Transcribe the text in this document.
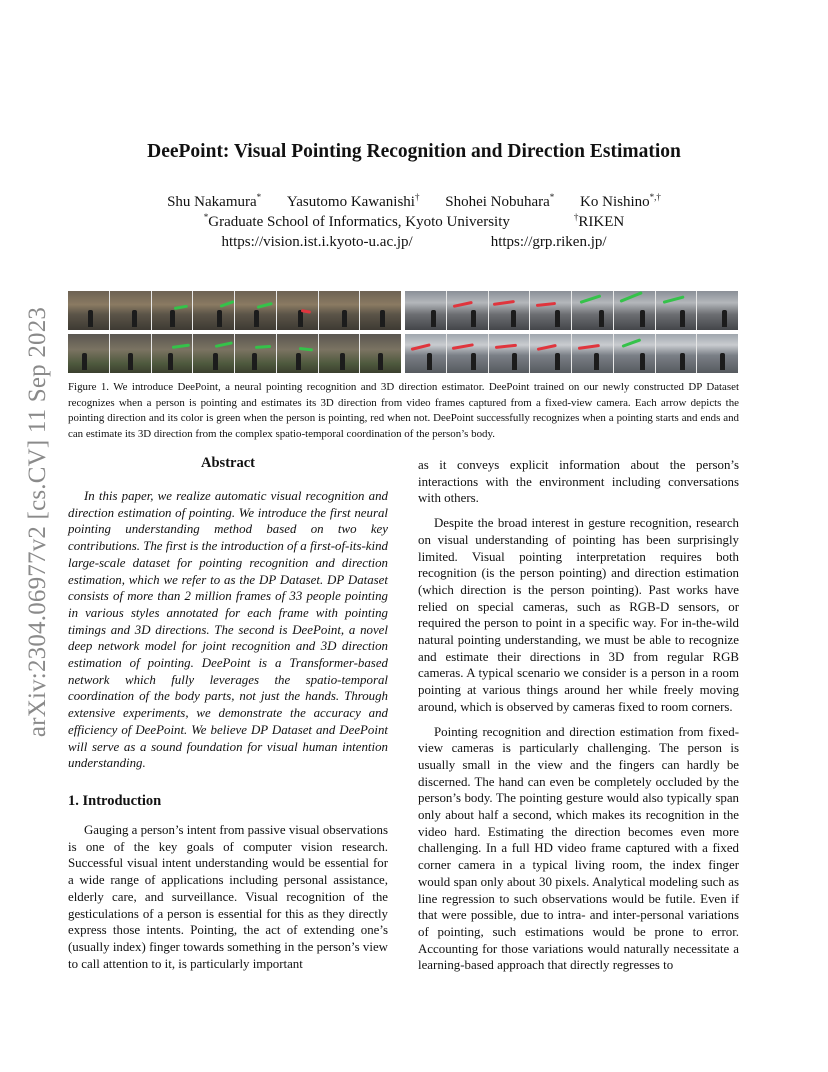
arXiv:2304.06977v2 [cs.CV] 11 Sep 2023
DeePoint: Visual Pointing Recognition and Direction Estimation
Shu Nakamura* Yasutomo Kawanishi† Shohei Nobuhara* Ko Nishino*,†
*Graduate School of Informatics, Kyoto University	†RIKEN
https://vision.ist.i.kyoto-u.ac.jp/	https://grp.riken.jp/
Figure 1. We introduce DeePoint, a neural pointing recognition and 3D direction estimator. DeePoint trained on our newly constructed DP Dataset recognizes when a person is pointing and estimates its 3D direction from video frames captured from a fixed-view camera. Each arrow depicts the pointing direction and its color is green when the person is pointing, red when not. DeePoint successfully recognizes when a pointing starts and ends and can estimate its 3D direction from the complex spatio-temporal coordination of the person’s body.
Abstract

In this paper, we realize automatic visual recognition and direction estimation of pointing. We introduce the first neural pointing understanding method based on two key contributions. The first is the introduction of a first-of-its-kind large-scale dataset for pointing recognition and direction estimation, which we refer to as the DP Dataset. DP Dataset consists of more than 2 million frames of 33 people pointing in various styles annotated for each frame with pointing timings and 3D directions. The second is DeePoint, a novel deep network model for joint recognition and 3D direction estimation of pointing. DeePoint is a Transformer-based network which fully leverages the spatio-temporal coordination of the body parts, not just the hands. Through extensive experiments, we demonstrate the accuracy and efficiency of DeePoint. We believe DP Dataset and DeePoint will serve as a sound foundation for visual human intention understanding.

1. Introduction

Gauging a person’s intent from passive visual observations is one of the key goals of computer vision research. Successful visual intent understanding would be essential for a wide range of applications including personal assistance, elderly care, and surveillance. Visual recognition of the gesticulations of a person is essential for this as they directly express those intents. Pointing, the act of extending one’s (usually index) finger towards something in the person’s view to call attention to it, is particularly important

as it conveys explicit information about the person’s interactions with the environment including conversations with others.

Despite the broad interest in gesture recognition, research on visual understanding of pointing has been surprisingly limited. Visual pointing interpretation requires both recognition (is the person pointing) and direction estimation (which direction is the person pointing). Past works have relied on special cameras, such as RGB-D sensors, or required the person to point in a specific way. For in-the-wild natural pointing understanding, we must be able to recognize and estimate their directions in 3D from regular RGB cameras. A typical scenario we consider is a person in a room pointing at various things around her while freely moving around, which is observed by cameras fixed to room corners.

Pointing recognition and direction estimation from fixed-view cameras is particularly challenging. The person is usually small in the view and the fingers can hardly be discerned. The hand can even be completely occluded by the person’s body. The pointing gesture would also typically span only about half a second, which makes its recognition in the video hard. Estimating the direction becomes even more challenging. In a full HD video frame captured with a fixed corner camera in a typical living room, the index finger would span only about 30 pixels. Analytical modeling such as line regression to such observations would be futile. Even if that were possible, due to intra- and inter-personal variations of pointing, such estimations would be prone to error. Accounting for those variations would naturally necessitate a learning-based approach that directly regresses to
